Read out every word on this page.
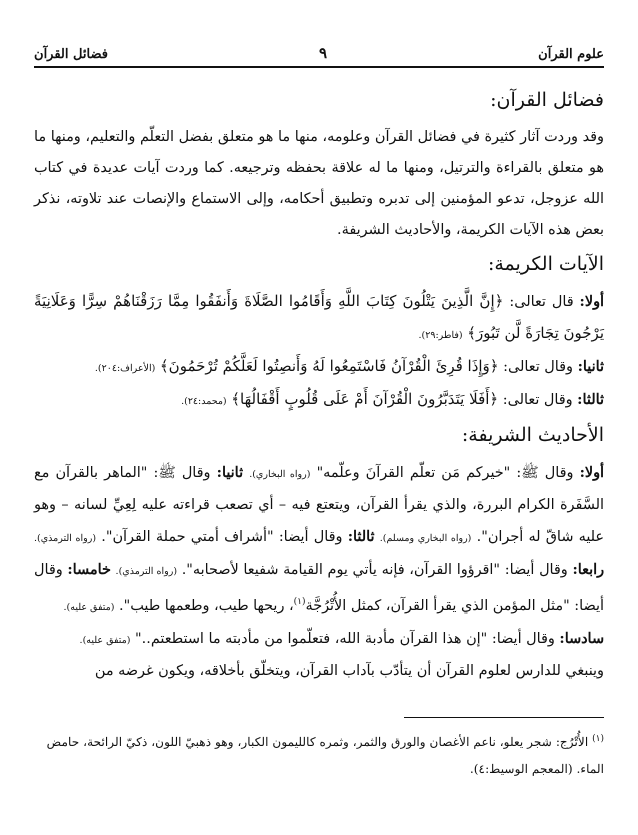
علوم القرآن
٩
فضائل القرآن
فضائل القرآن:

وقد وردت آثار كثيرة في فضائل القرآن وعلومه، منها ما هو متعلق بفضل التعلّم والتعليم، ومنها ما هو متعلق بالقراءة والترتيل، ومنها ما له علاقة بحفظه وترجيعه. كما وردت آيات عديدة في كتاب الله عزوجل، تدعو المؤمنين إلى تدبره وتطبيق أحكامه، وإلى الاستماع والإنصات عند تلاوته، نذكر بعض هذه الآيات الكريمة، والأحاديث الشريفة.

الآيات الكريمة:

أولا: قال تعالى: ﴿إِنَّ الَّذِينَ يَتْلُونَ كِتَابَ اللَّهِ وَأَقَامُوا الصَّلَاةَ وَأَنفَقُوا مِمَّا رَزَقْنَاهُمْ سِرًّا وَعَلَانِيَةً يَرْجُونَ تِجَارَةً لَّن تَبُورَ﴾ (فاطر:٢٩).

ثانيا: وقال تعالى: ﴿وَإِذَا قُرِئَ الْقُرْآنُ فَاسْتَمِعُوا لَهُ وَأَنصِتُوا لَعَلَّكُمْ تُرْحَمُونَ﴾ (الأعراف:٢٠٤).

ثالثا: وقال تعالى: ﴿أَفَلَا يَتَدَبَّرُونَ الْقُرْآنَ أَمْ عَلَى قُلُوبٍ أَقْفَالُهَا﴾ (محمد:٢٤).

الأحاديث الشريفة:

أولا: وقال ﷺ: "خيركم مَن تعلّم القرآنَ وعلّمه" (رواه البخاري). ثانيا: وقال ﷺ: "الماهر بالقرآن مع السَّفَرة الكرام البررة، والذي يقرأ القرآن، ويتعتع فيه – أي تصعب قراءته عليه لِعِيِّ لسانه – وهو عليه شاقّ له أجران". (رواه البخاري ومسلم). ثالثا: وقال أيضا: "أشراف أمتي حملة القرآن". (رواه الترمذي). رابعا: وقال أيضا: "اقرؤوا القرآن، فإنه يأتي يوم القيامة شفيعا لأصحابه". (رواه الترمذي). خامسا: وقال أيضا: "مثل المؤمن الذي يقرأ القرآن، كمثل الأُتْرُجَّة$^{(١)}$، ريحها طيب، وطعمها طيب". (متفق عليه).

سادسا: وقال أيضا: "إن هذا القرآن مأدبة الله، فتعلّموا من مأدبته ما استطعتم.." (متفق عليه).

وينبغي للدارس لعلوم القرآن أن يتأدّب بآداب القرآن، ويتخلّق بأخلاقه، ويكون غرضه من

$^{(١)}$ الأُتْرُج: شجر يعلو، ناعم الأغصان والورق والثمر، وثمره كالليمون الكبار، وهو ذهبيّ اللون، ذكيّ الرائحة، حامض الماء. (المعجم الوسيط:٤).
